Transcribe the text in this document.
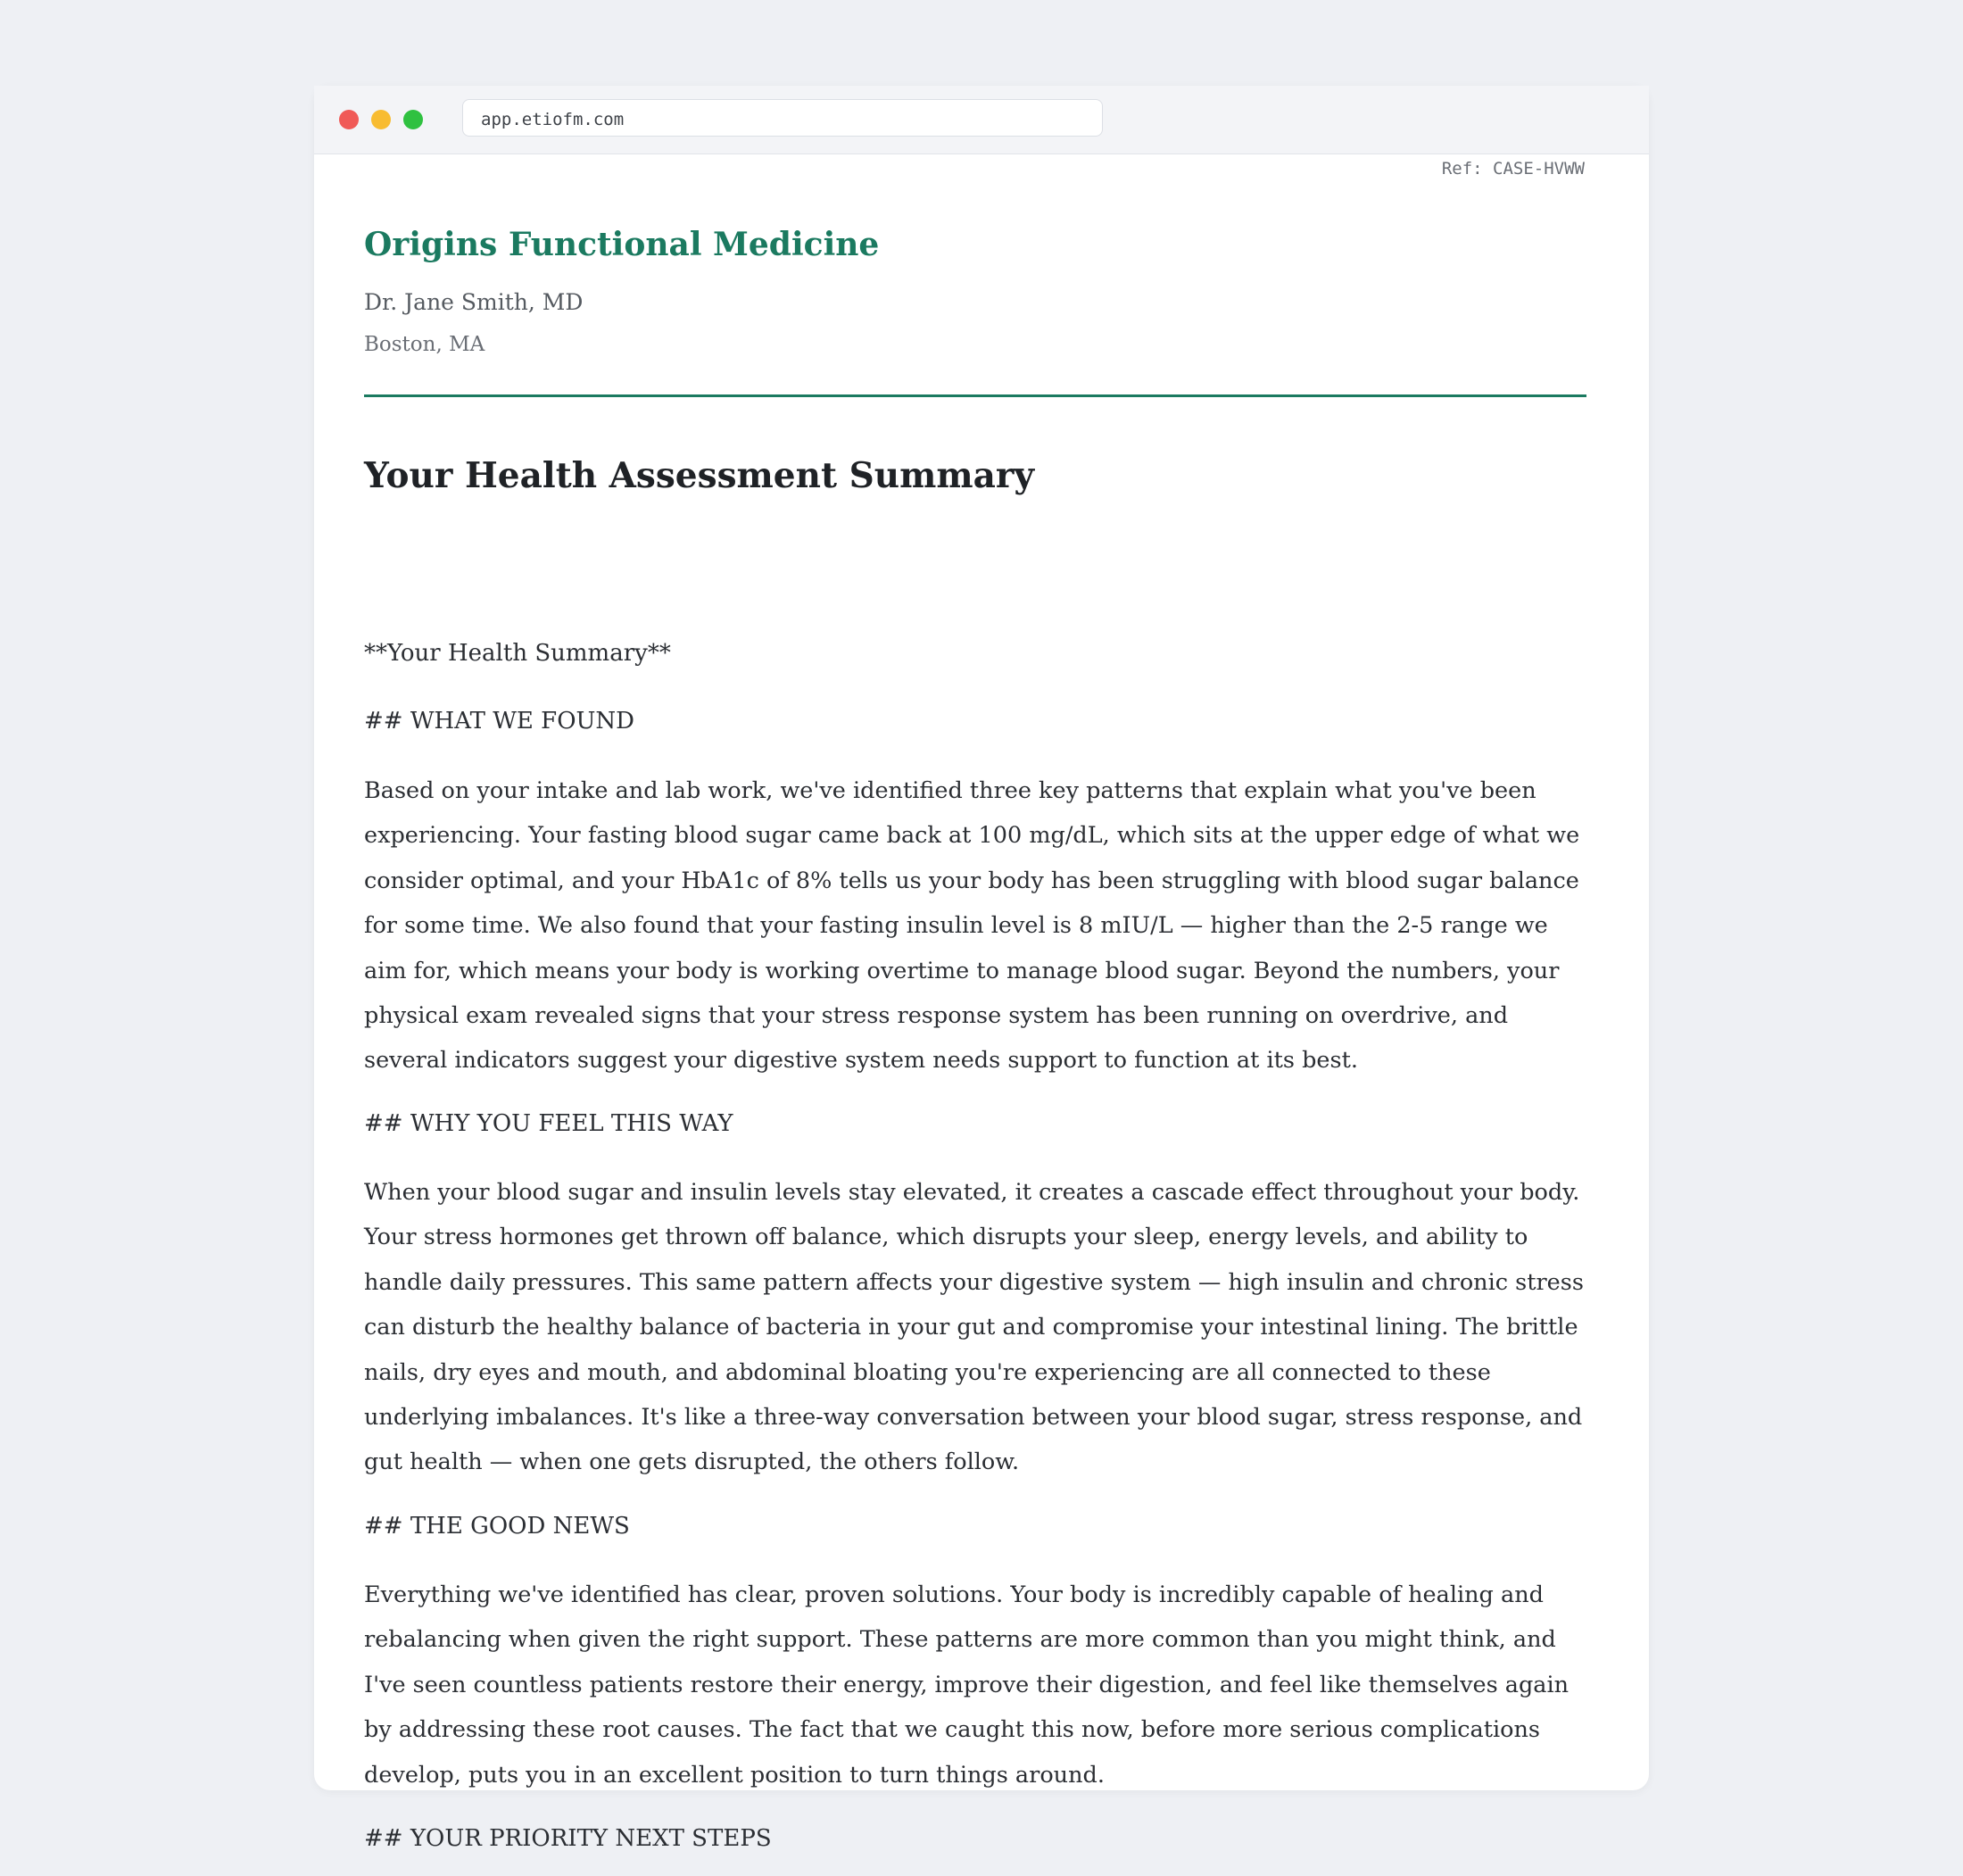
app.etiofm.com
Ref: CASE-HVWW
Origins Functional Medicine
Dr. Jane Smith, MD
Boston, MA
Your Health Assessment Summary
**Your Health Summary**
## WHAT WE FOUND
Based on your intake and lab work, we've identified three key patterns that explain what you've been experiencing. Your fasting blood sugar came back at 100 mg/dL, which sits at the upper edge of what we consider optimal, and your HbA1c of 8% tells us your body has been struggling with blood sugar balance for some time. We also found that your fasting insulin level is 8 mIU/L — higher than the 2-5 range we aim for, which means your body is working overtime to manage blood sugar. Beyond the numbers, your physical exam revealed signs that your stress response system has been running on overdrive, and several indicators suggest your digestive system needs support to function at its best.
## WHY YOU FEEL THIS WAY
When your blood sugar and insulin levels stay elevated, it creates a cascade effect throughout your body. Your stress hormones get thrown off balance, which disrupts your sleep, energy levels, and ability to handle daily pressures. This same pattern affects your digestive system — high insulin and chronic stress can disturb the healthy balance of bacteria in your gut and compromise your intestinal lining. The brittle nails, dry eyes and mouth, and abdominal bloating you're experiencing are all connected to these underlying imbalances. It's like a three-way conversation between your blood sugar, stress response, and gut health — when one gets disrupted, the others follow.
## THE GOOD NEWS
Everything we've identified has clear, proven solutions. Your body is incredibly capable of healing and rebalancing when given the right support. These patterns are more common than you might think, and I've seen countless patients restore their energy, improve their digestion, and feel like themselves again by addressing these root causes. The fact that we caught this now, before more serious complications develop, puts you in an excellent position to turn things around.
## YOUR PRIORITY NEXT STEPS
